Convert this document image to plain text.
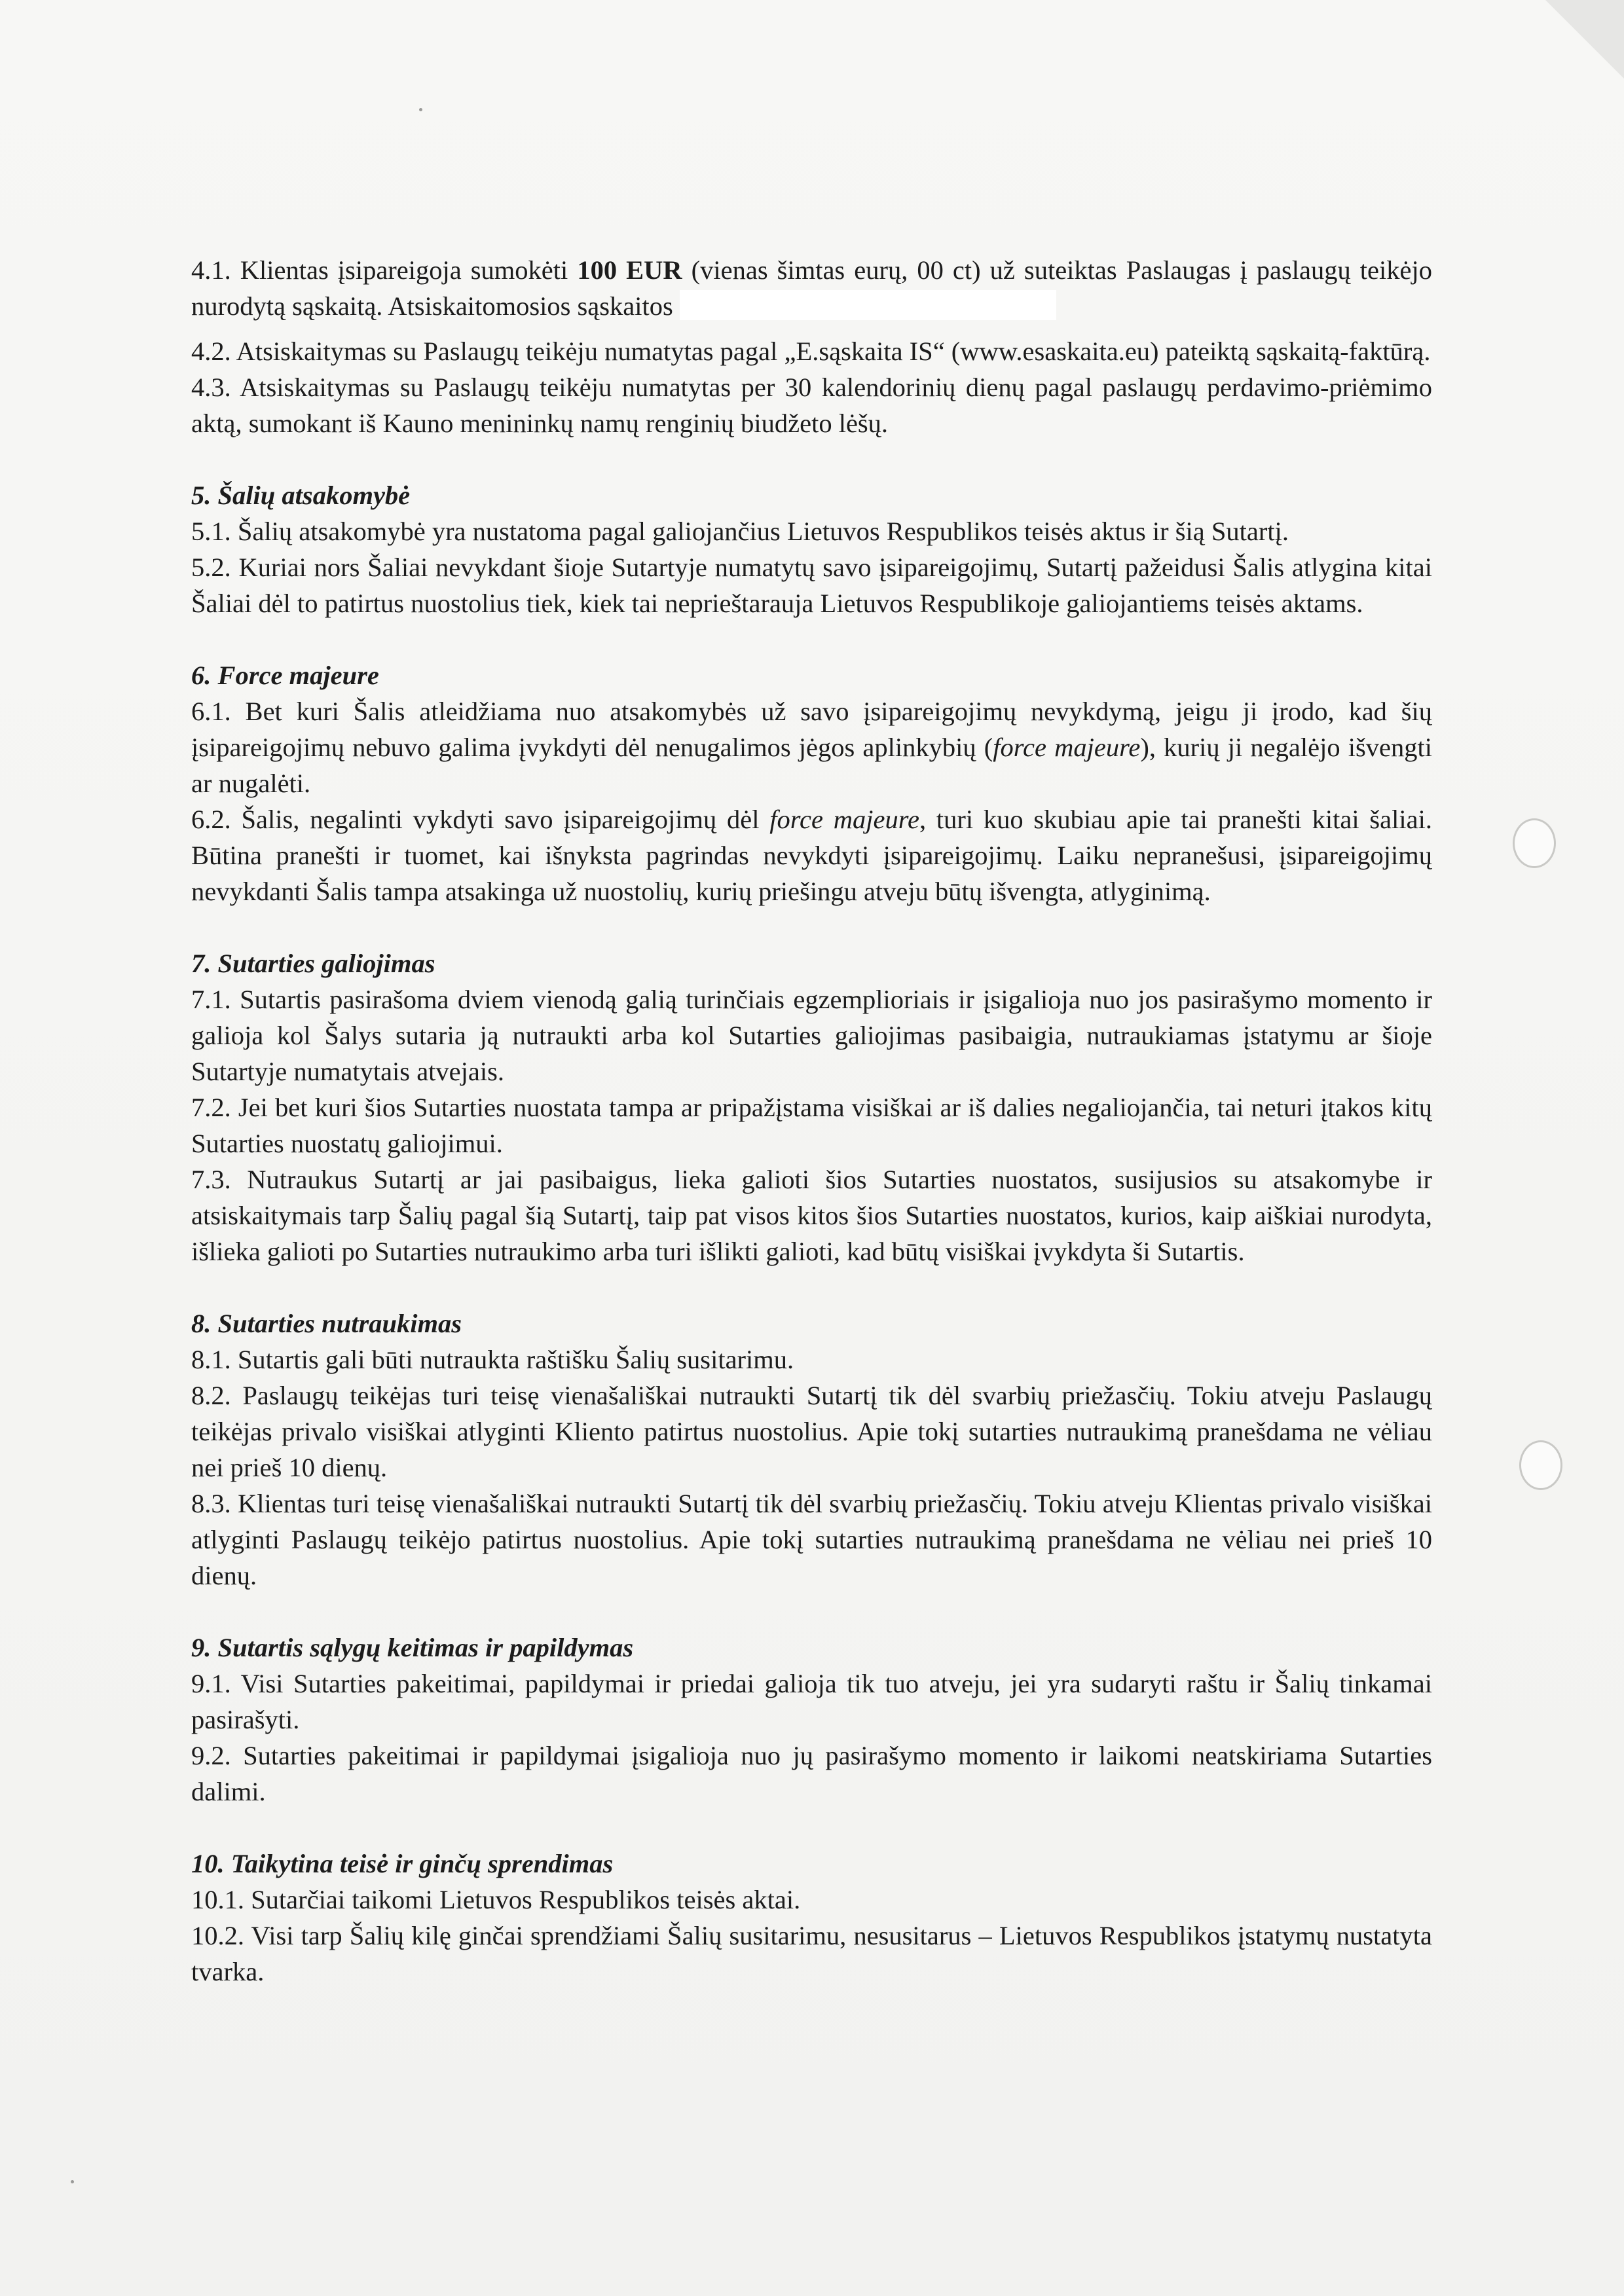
4.1. Klientas įsipareigoja sumokėti 100 EUR (vienas šimtas eurų, 00 ct) už suteiktas Paslaugas į paslaugų teikėjo nurodytą sąskaitą. Atsiskaitomosios sąskaitos

4.2. Atsiskaitymas su Paslaugų teikėju numatytas pagal „E.sąskaita IS“ (www.esaskaita.eu) pateiktą sąskaitą-faktūrą.

4.3. Atsiskaitymas su Paslaugų teikėju numatytas per 30 kalendorinių dienų pagal paslaugų perdavimo-priėmimo aktą, sumokant iš Kauno menininkų namų renginių biudžeto lėšų.

5. Šalių atsakomybė

5.1. Šalių atsakomybė yra nustatoma pagal galiojančius Lietuvos Respublikos teisės aktus ir šią Sutartį.

5.2. Kuriai nors Šaliai nevykdant šioje Sutartyje numatytų savo įsipareigojimų, Sutartį pažeidusi Šalis atlygina kitai Šaliai dėl to patirtus nuostolius tiek, kiek tai neprieštarauja Lietuvos Respublikoje galiojantiems teisės aktams.

6. Force majeure

6.1. Bet kuri Šalis atleidžiama nuo atsakomybės už savo įsipareigojimų nevykdymą, jeigu ji įrodo, kad šių įsipareigojimų nebuvo galima įvykdyti dėl nenugalimos jėgos aplinkybių (force majeure), kurių ji negalėjo išvengti ar nugalėti.

6.2. Šalis, negalinti vykdyti savo įsipareigojimų dėl force majeure, turi kuo skubiau apie tai pranešti kitai šaliai. Būtina pranešti ir tuomet, kai išnyksta pagrindas nevykdyti įsipareigojimų. Laiku nepranešusi, įsipareigojimų nevykdanti Šalis tampa atsakinga už nuostolių, kurių priešingu atveju būtų išvengta, atlyginimą.

7. Sutarties galiojimas

7.1. Sutartis pasirašoma dviem vienodą galią turinčiais egzemplioriais ir įsigalioja nuo jos pasirašymo momento ir galioja kol Šalys sutaria ją nutraukti arba kol Sutarties galiojimas pasibaigia, nutraukiamas įstatymu ar šioje Sutartyje numatytais atvejais.

7.2. Jei bet kuri šios Sutarties nuostata tampa ar pripažįstama visiškai ar iš dalies negaliojančia, tai neturi įtakos kitų Sutarties nuostatų galiojimui.

7.3. Nutraukus Sutartį ar jai pasibaigus, lieka galioti šios Sutarties nuostatos, susijusios su atsakomybe ir atsiskaitymais tarp Šalių pagal šią Sutartį, taip pat visos kitos šios Sutarties nuostatos, kurios, kaip aiškiai nurodyta, išlieka galioti po Sutarties nutraukimo arba turi išlikti galioti, kad būtų visiškai įvykdyta ši Sutartis.

8. Sutarties nutraukimas

8.1. Sutartis gali būti nutraukta raštišku Šalių susitarimu.

8.2. Paslaugų teikėjas turi teisę vienašališkai nutraukti Sutartį tik dėl svarbių priežasčių. Tokiu atveju Paslaugų teikėjas privalo visiškai atlyginti Kliento patirtus nuostolius. Apie tokį sutarties nutraukimą pranešdama ne vėliau nei prieš 10 dienų.

8.3. Klientas turi teisę vienašališkai nutraukti Sutartį tik dėl svarbių priežasčių. Tokiu atveju Klientas privalo visiškai atlyginti Paslaugų teikėjo patirtus nuostolius. Apie tokį sutarties nutraukimą pranešdama ne vėliau nei prieš 10 dienų.

9. Sutartis sąlygų keitimas ir papildymas

9.1. Visi Sutarties pakeitimai, papildymai ir priedai galioja tik tuo atveju, jei yra sudaryti raštu ir Šalių tinkamai pasirašyti.

9.2. Sutarties pakeitimai ir papildymai įsigalioja nuo jų pasirašymo momento ir laikomi neatskiriama Sutarties dalimi.

10. Taikytina teisė ir ginčų sprendimas

10.1. Sutarčiai taikomi Lietuvos Respublikos teisės aktai.

10.2. Visi tarp Šalių kilę ginčai sprendžiami Šalių susitarimu, nesusitarus – Lietuvos Respublikos įstatymų nustatyta tvarka.
